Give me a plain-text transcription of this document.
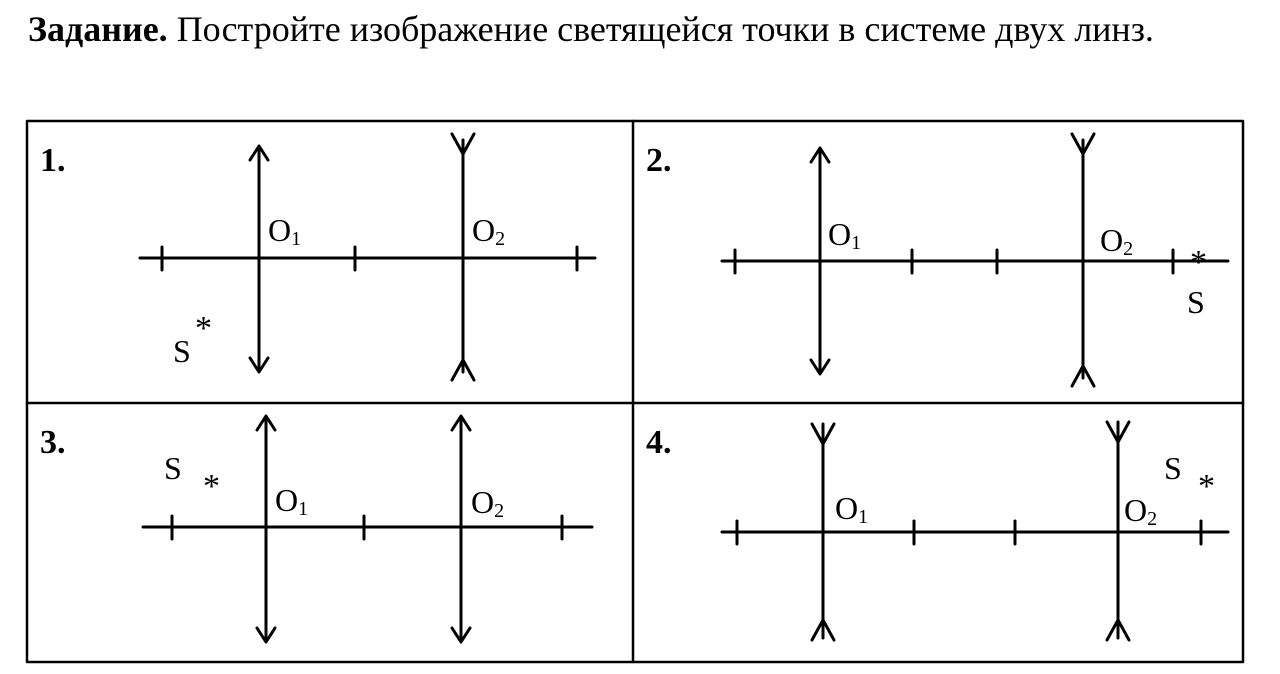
Задание. Постройте изображение светящейся точки в системе двух линз.
1.
$O_1$	$O_2$
S
*
2.
$O_1$	$O_2$
S
*
3.
S * $O_1$	$O_2$
4.
$O_1$	$O_2$
S *
